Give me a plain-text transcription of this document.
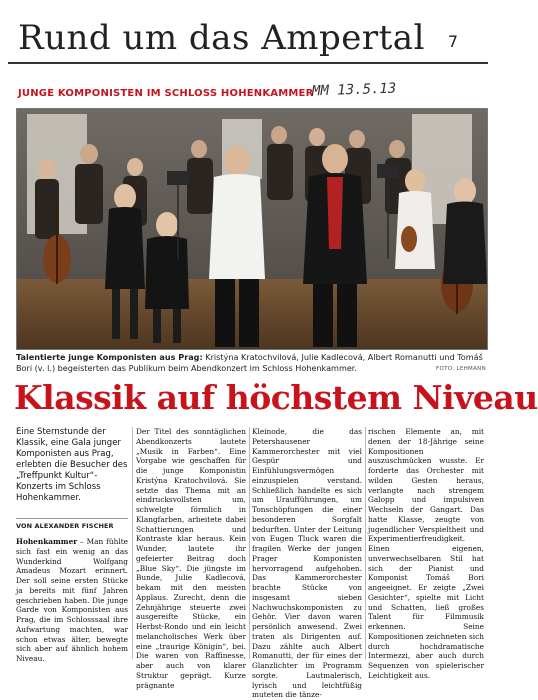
Rund um das Ampertal 7
JUNGE KOMPONISTEN IM SCHLOSS HOHENKAMMER
MM 13.5.13
Talentierte junge Komponisten aus Prag: Kristýna Kratochvilová, Julie Kadlecová, Albert Romanutti und Tomáš Bori (v. l.) begeisterten das Publikum beim Abendkonzert im Schloss Hohenkammer.	FOTO: LEHMANN
Klassik auf höchstem Niveau
Eine Sternstunde der Klassik, eine Gala junger Komponisten aus Prag, erlebten die Besucher des „Treffpunkt Kultur“-Konzerts im Schloss Hohenkammer.
VON ALEXANDER FISCHER

Hohenkammer – Man fühlte sich fast ein wenig an das Wunderkind Wolfgang Amadeus Mozart erinnert. Der soll seine ersten Stücke ja bereits mit fünf Jahren geschrieben haben. Die junge Garde von Komponisten aus Prag, die im Schlosssaal ihre Aufwartung machten, war schon etwas älter, bewegte sich aber auf ähnlich hohem Niveau.

Der Titel des sonntäglichen Abendkonzerts lautete „Musik in Farben“. Eine Vorgabe wie geschaffen für die junge Komponistin Kristýna Kratochvilová. Sie setzte das Thema mit an eindrucksvollsten um, schwelgte förmlich in Klangfarben, arbeitete dabei Schattierungen und Kontraste klar heraus. Kein Wunder, lautete ihr gefeierter Beitrag doch „Blue Sky“. Die jüngste im Bunde, Julie Kadlecová, bekam mit den meisten Applaus. Zurecht, denn die Zehnjährige steuerte zwei ausgereifte Stücke, ein Herbst-Rondo und ein leicht melancholisches Werk über eine „traurige Königin“, bei. Die waren von Raffinesse, aber auch von klarer Struktur geprägt. Kurze prägnante

Kleinode, die das Petershausener Kammerorchester mit viel Gespür und Einfühlungsvermögen einzuspielen verstand. Schließlich handelte es sich um Uraufführungen, um Tonschöpfungen die einer besonderen Sorgfalt bedurften. Unter der Leitung von Eugen Tluck waren die fragilen Werke der jungen Prager Komponisten hervorragend aufgehoben. Das Kammerorchester brachte Stücke von insgesamt sieben Nachwuchskomponisten zu Gehör. Vier davon waren persönlich anwesend. Zwei traten als Dirigenten auf. Dazu zählte auch Albert Romanutti, der für eines der Glanzlichter im Programm sorgte. Lautmalerisch, lyrisch und leichtfüßig muteten die tänze-

rischen Elemente an, mit denen der 18-Jährige seine Kompositionen auszuschmücken wusste. Er forderte das Orchester mit wilden Gesten heraus, verlangte nach strengem Galopp und impulsiven Wechseln der Gangart. Das hatte Klasse, zeugte von jugendlicher Verspieltheit und Experimentierfreudigkeit. Einen eigenen, unverwechselbaren Stil hat sich der Pianist und Komponist Tomáš Bori angeeignet. Er zeigte „Zwei Gesichter“, spielte mit Licht und Schatten, ließ großes Talent für Filmmusik erkennen. Seine Kompositionen zeichneten sich durch hochdramatische Intermezzi, aber auch durch Sequenzen von spielerischer Leichtigkeit aus.
